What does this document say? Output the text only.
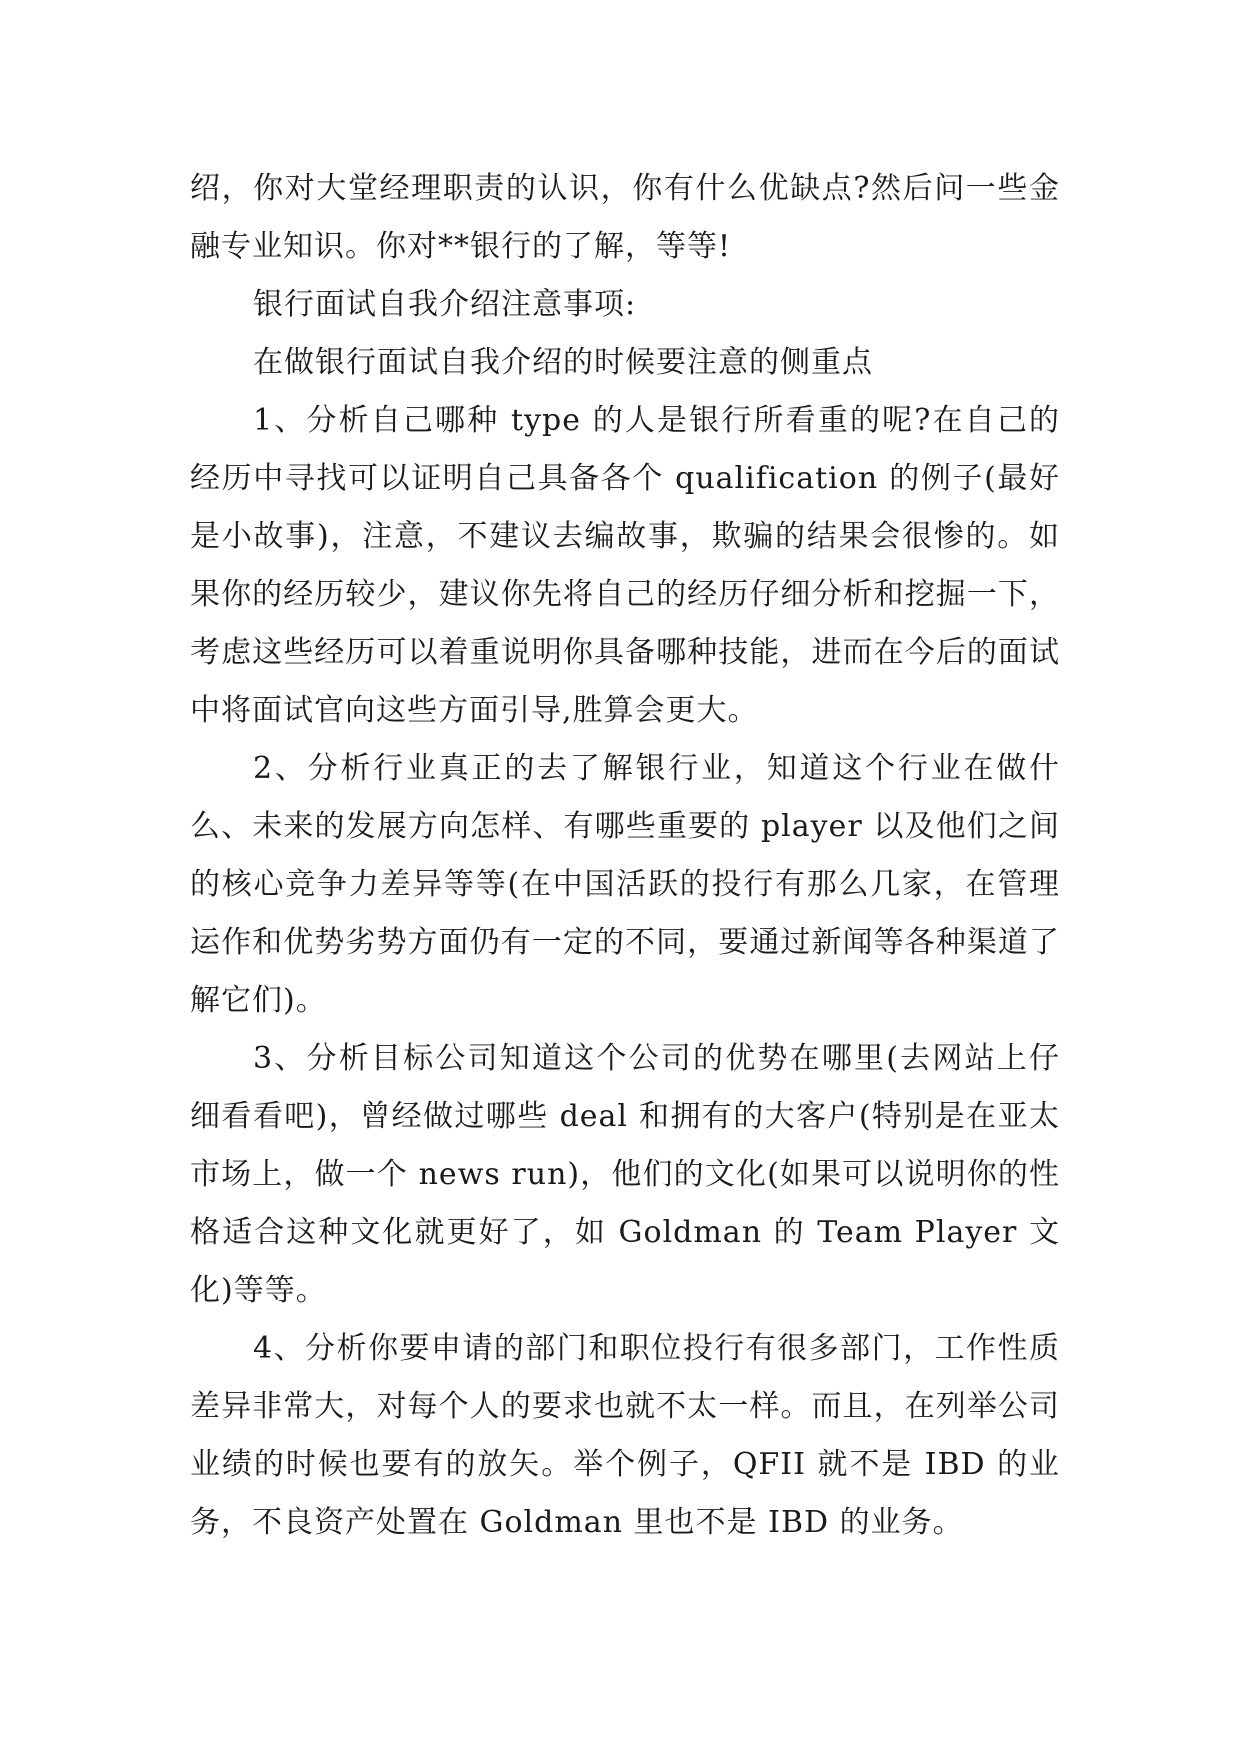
绍，你对大堂经理职责的认识，你有什么优缺点?然后问一些金融专业知识。你对**银行的了解，等等!

银行面试自我介绍注意事项:

在做银行面试自我介绍的时候要注意的侧重点

1、分析自己哪种 type 的人是银行所看重的呢?在自己的经历中寻找可以证明自己具备各个 qualification 的例子(最好是小故事)，注意，不建议去编故事，欺骗的结果会很惨的。如果你的经历较少，建议你先将自己的经历仔细分析和挖掘一下，考虑这些经历可以着重说明你具备哪种技能，进而在今后的面试中将面试官向这些方面引导,胜算会更大。

2、分析行业真正的去了解银行业，知道这个行业在做什么、未来的发展方向怎样、有哪些重要的 player 以及他们之间的核心竞争力差异等等(在中国活跃的投行有那么几家，在管理运作和优势劣势方面仍有一定的不同，要通过新闻等各种渠道了解它们)。

3、分析目标公司知道这个公司的优势在哪里(去网站上仔细看看吧)，曾经做过哪些 deal 和拥有的大客户(特别是在亚太市场上，做一个 news run)，他们的文化(如果可以说明你的性格适合这种文化就更好了，如 Goldman 的 Team Player 文化)等等。

4、分析你要申请的部门和职位投行有很多部门，工作性质差异非常大，对每个人的要求也就不太一样。而且，在列举公司业绩的时候也要有的放矢。举个例子，QFII 就不是 IBD 的业务，不良资产处置在 Goldman 里也不是 IBD 的业务。
